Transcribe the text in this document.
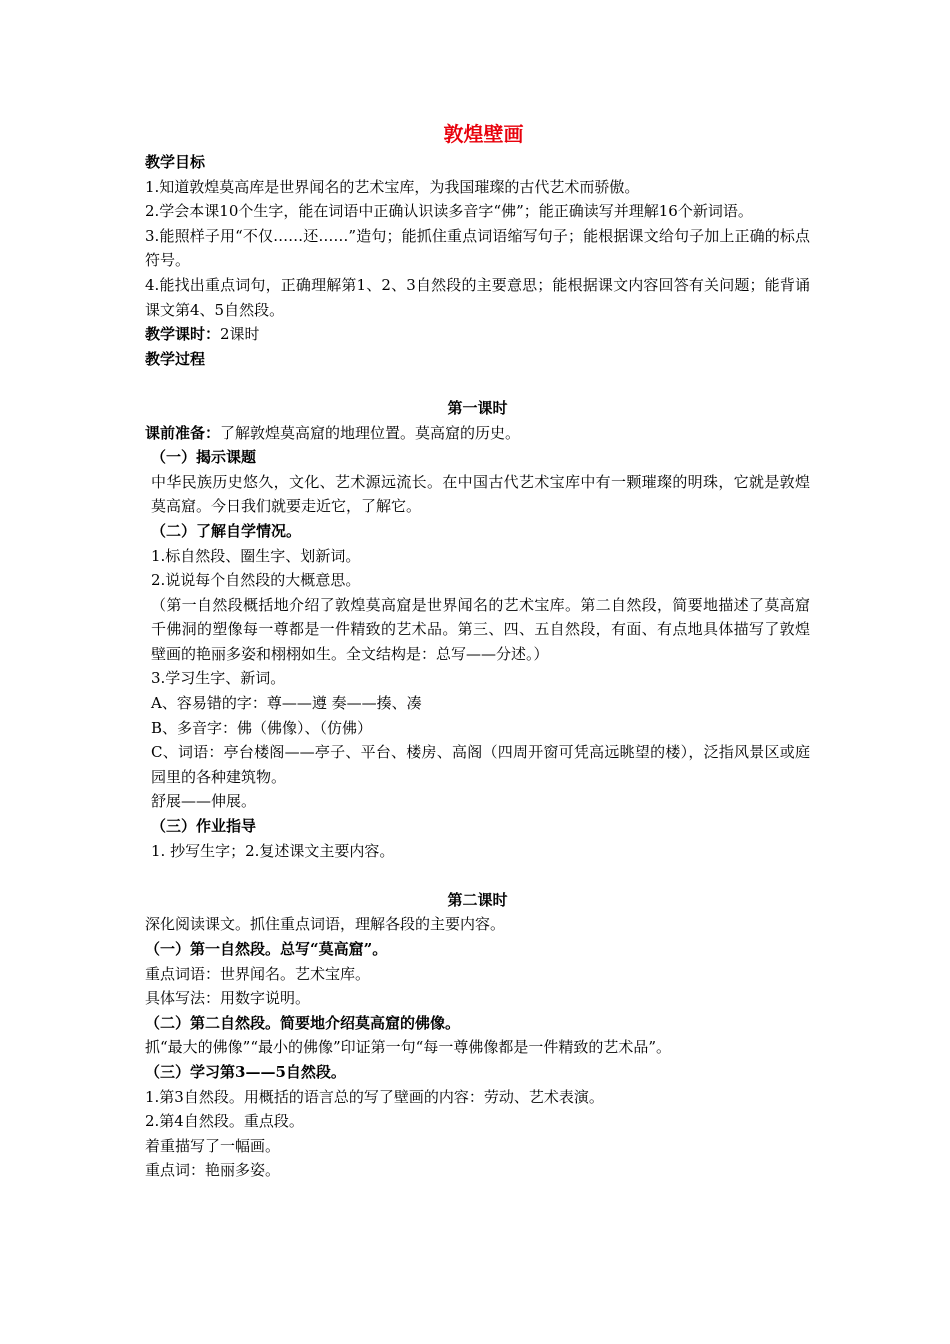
敦煌壁画

教学目标

1.知道敦煌莫高库是世界闻名的艺术宝库，为我国璀璨的古代艺术而骄傲。

2.学会本课10个生字，能在词语中正确认识读多音字“佛”；能正确读写并理解16个新词语。

3.能照样子用“不仅……还……”造句；能抓住重点词语缩写句子；能根据课文给句子加上正确的标点符号。

4.能找出重点词句，正确理解第1、2、3自然段的主要意思；能根据课文内容回答有关问题；能背诵课文第4、5自然段。

教学课时：2课时

教学过程

第一课时

课前准备：了解敦煌莫高窟的地理位置。莫高窟的历史。

（一）揭示课题

中华民族历史悠久，文化、艺术源远流长。在中国古代艺术宝库中有一颗璀璨的明珠，它就是敦煌莫高窟。今日我们就要走近它，了解它。

（二）了解自学情况。

1.标自然段、圈生字、划新词。

2.说说每个自然段的大概意思。

（第一自然段概括地介绍了敦煌莫高窟是世界闻名的艺术宝库。第二自然段，简要地描述了莫高窟千佛洞的塑像每一尊都是一件精致的艺术品。第三、四、五自然段，有面、有点地具体描写了敦煌壁画的艳丽多姿和栩栩如生。全文结构是：总写——分述。）

3.学习生字、新词。

A、容易错的字：尊——遵 奏——揍、凑

B、多音字：佛（佛像）、（仿佛）

C、词语：亭台楼阁——亭子、平台、楼房、高阁（四周开窗可凭高远眺望的楼），泛指风景区或庭园里的各种建筑物。

舒展——伸展。

（三）作业指导

1. 抄写生字；2.复述课文主要内容。

第二课时

深化阅读课文。抓住重点词语，理解各段的主要内容。

（一）第一自然段。总写“莫高窟”。

重点词语：世界闻名。艺术宝库。

具体写法：用数字说明。

（二）第二自然段。简要地介绍莫高窟的佛像。

抓“最大的佛像”“最小的佛像”印证第一句“每一尊佛像都是一件精致的艺术品”。

（三）学习第3——5自然段。

1.第3自然段。用概括的语言总的写了壁画的内容：劳动、艺术表演。

2.第4自然段。重点段。

着重描写了一幅画。

重点词：艳丽多姿。
